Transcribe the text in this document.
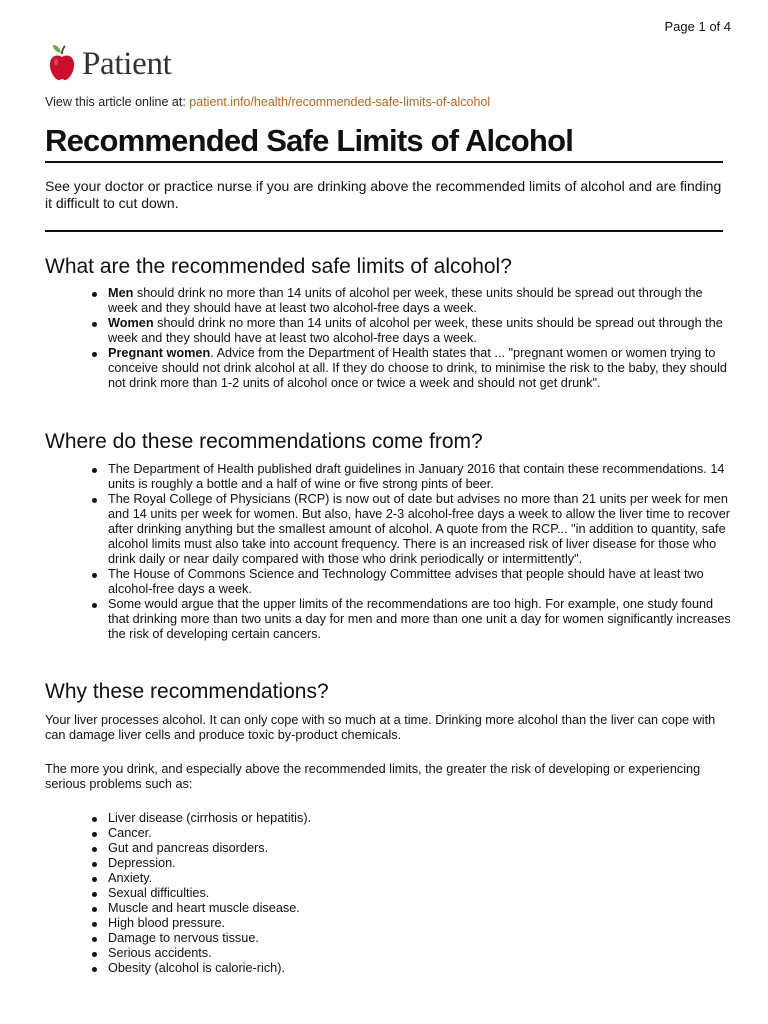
Page 1 of 4
Patient
View this article online at: patient.info/health/recommended-safe-limits-of-alcohol
Recommended Safe Limits of Alcohol

See your doctor or practice nurse if you are drinking above the recommended limits of alcohol and are finding it difficult to cut down.

What are the recommended safe limits of alcohol?
Men should drink no more than 14 units of alcohol per week, these units should be spread out through the week and they should have at least two alcohol-free days a week.
Women should drink no more than 14 units of alcohol per week, these units should be spread out through the week and they should have at least two alcohol-free days a week.
Pregnant women. Advice from the Department of Health states that ... "pregnant women or women trying to conceive should not drink alcohol at all. If they do choose to drink, to minimise the risk to the baby, they should not drink more than 1-2 units of alcohol once or twice a week and should not get drunk".
Where do these recommendations come from?
The Department of Health published draft guidelines in January 2016 that contain these recommendations. 14 units is roughly a bottle and a half of wine or five strong pints of beer.
The Royal College of Physicians (RCP) is now out of date but advises no more than 21 units per week for men and 14 units per week for women. But also, have 2-3 alcohol-free days a week to allow the liver time to recover after drinking anything but the smallest amount of alcohol. A quote from the RCP... "in addition to quantity, safe alcohol limits must also take into account frequency. There is an increased risk of liver disease for those who drink daily or near daily compared with those who drink periodically or intermittently".
The House of Commons Science and Technology Committee advises that people should have at least two alcohol-free days a week.
Some would argue that the upper limits of the recommendations are too high. For example, one study found that drinking more than two units a day for men and more than one unit a day for women significantly increases the risk of developing certain cancers.
Why these recommendations?

Your liver processes alcohol. It can only cope with so much at a time. Drinking more alcohol than the liver can cope with can damage liver cells and produce toxic by-product chemicals.

The more you drink, and especially above the recommended limits, the greater the risk of developing or experiencing serious problems such as:

Liver disease (cirrhosis or hepatitis).
Cancer.
Gut and pancreas disorders.
Depression.
Anxiety.
Sexual difficulties.
Muscle and heart muscle disease.
High blood pressure.
Damage to nervous tissue.
Serious accidents.
Obesity (alcohol is calorie-rich).
